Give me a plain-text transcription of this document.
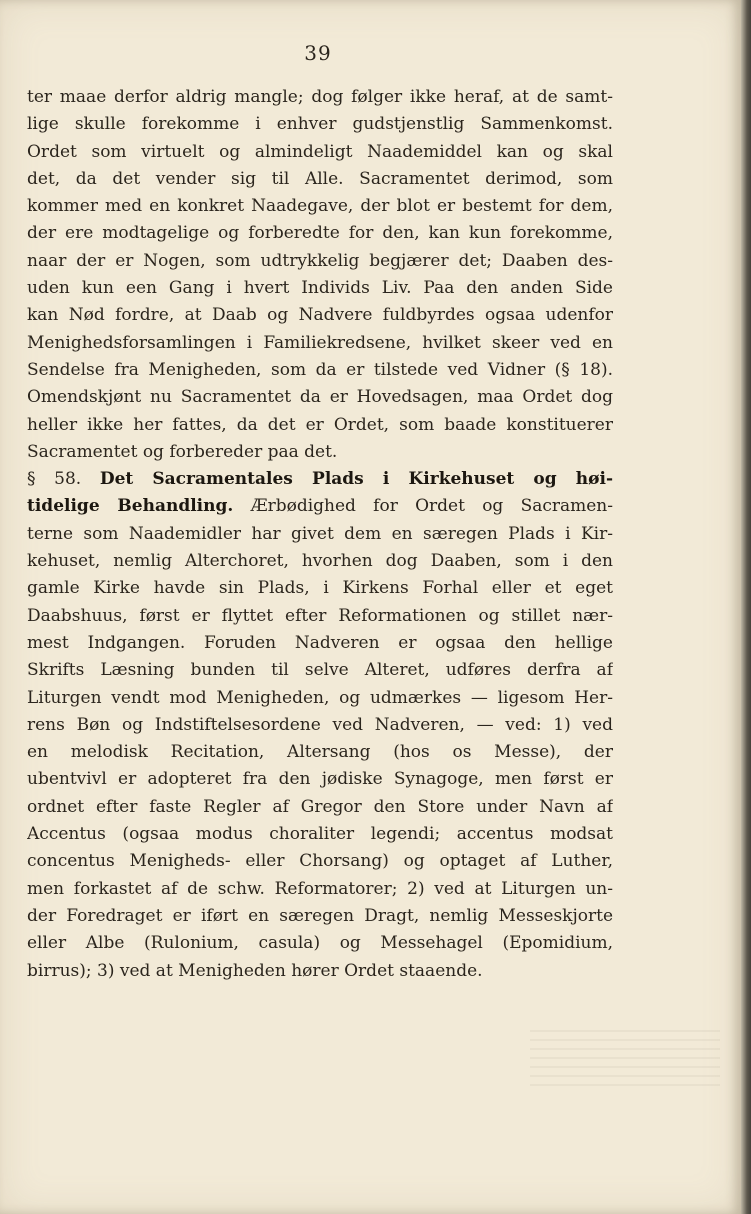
39
ter maae derfor aldrig mangle; dog følger ikke heraf, at de samt-
lige skulle forekomme i enhver gudstjenstlig Sammenkomst.
Ordet som virtuelt og almindeligt Naademiddel kan og skal
det, da det vender sig til Alle. Sacramentet derimod, som
kommer med en konkret Naadegave, der blot er bestemt for dem,
der ere modtagelige og forberedte for den, kan kun forekomme,
naar der er Nogen, som udtrykkelig begjærer det; Daaben des-
uden kun een Gang i hvert Individs Liv. Paa den anden Side
kan Nød fordre, at Daab og Nadvere fuldbyrdes ogsaa udenfor
Menighedsforsamlingen i Familiekredsene, hvilket skeer ved en
Sendelse fra Menigheden, som da er tilstede ved Vidner (§ 18).
Omendskjønt nu Sacramentet da er Hovedsagen, maa Ordet dog
heller ikke her fattes, da det er Ordet, som baade konstituerer
Sacramentet og forbereder paa det.
§ 58. Det Sacramentales Plads i Kirkehuset og høi-
tidelige Behandling. Ærbødighed for Ordet og Sacramen-
terne som Naademidler har givet dem en særegen Plads i Kir-
kehuset, nemlig Alterchoret, hvorhen dog Daaben, som i den
gamle Kirke havde sin Plads, i Kirkens Forhal eller et eget
Daabshuus, først er flyttet efter Reformationen og stillet nær-
mest Indgangen. Foruden Nadveren er ogsaa den hellige
Skrifts Læsning bunden til selve Alteret, udføres derfra af
Liturgen vendt mod Menigheden, og udmærkes — ligesom Her-
rens Bøn og Indstiftelsesordene ved Nadveren, — ved: 1) ved
en melodisk Recitation, Altersang (hos os Messe), der
ubentvivl er adopteret fra den jødiske Synagoge, men først er
ordnet efter faste Regler af Gregor den Store under Navn af
Accentus (ogsaa modus choraliter legendi; accentus modsat
concentus Menigheds- eller Chorsang) og optaget af Luther,
men forkastet af de schw. Reformatorer; 2) ved at Liturgen un-
der Foredraget er iført en særegen Dragt, nemlig Messeskjorte
eller Albe (Rulonium, casula) og Messehagel (Epomidium,
birrus); 3) ved at Menigheden hører Ordet staaende.
